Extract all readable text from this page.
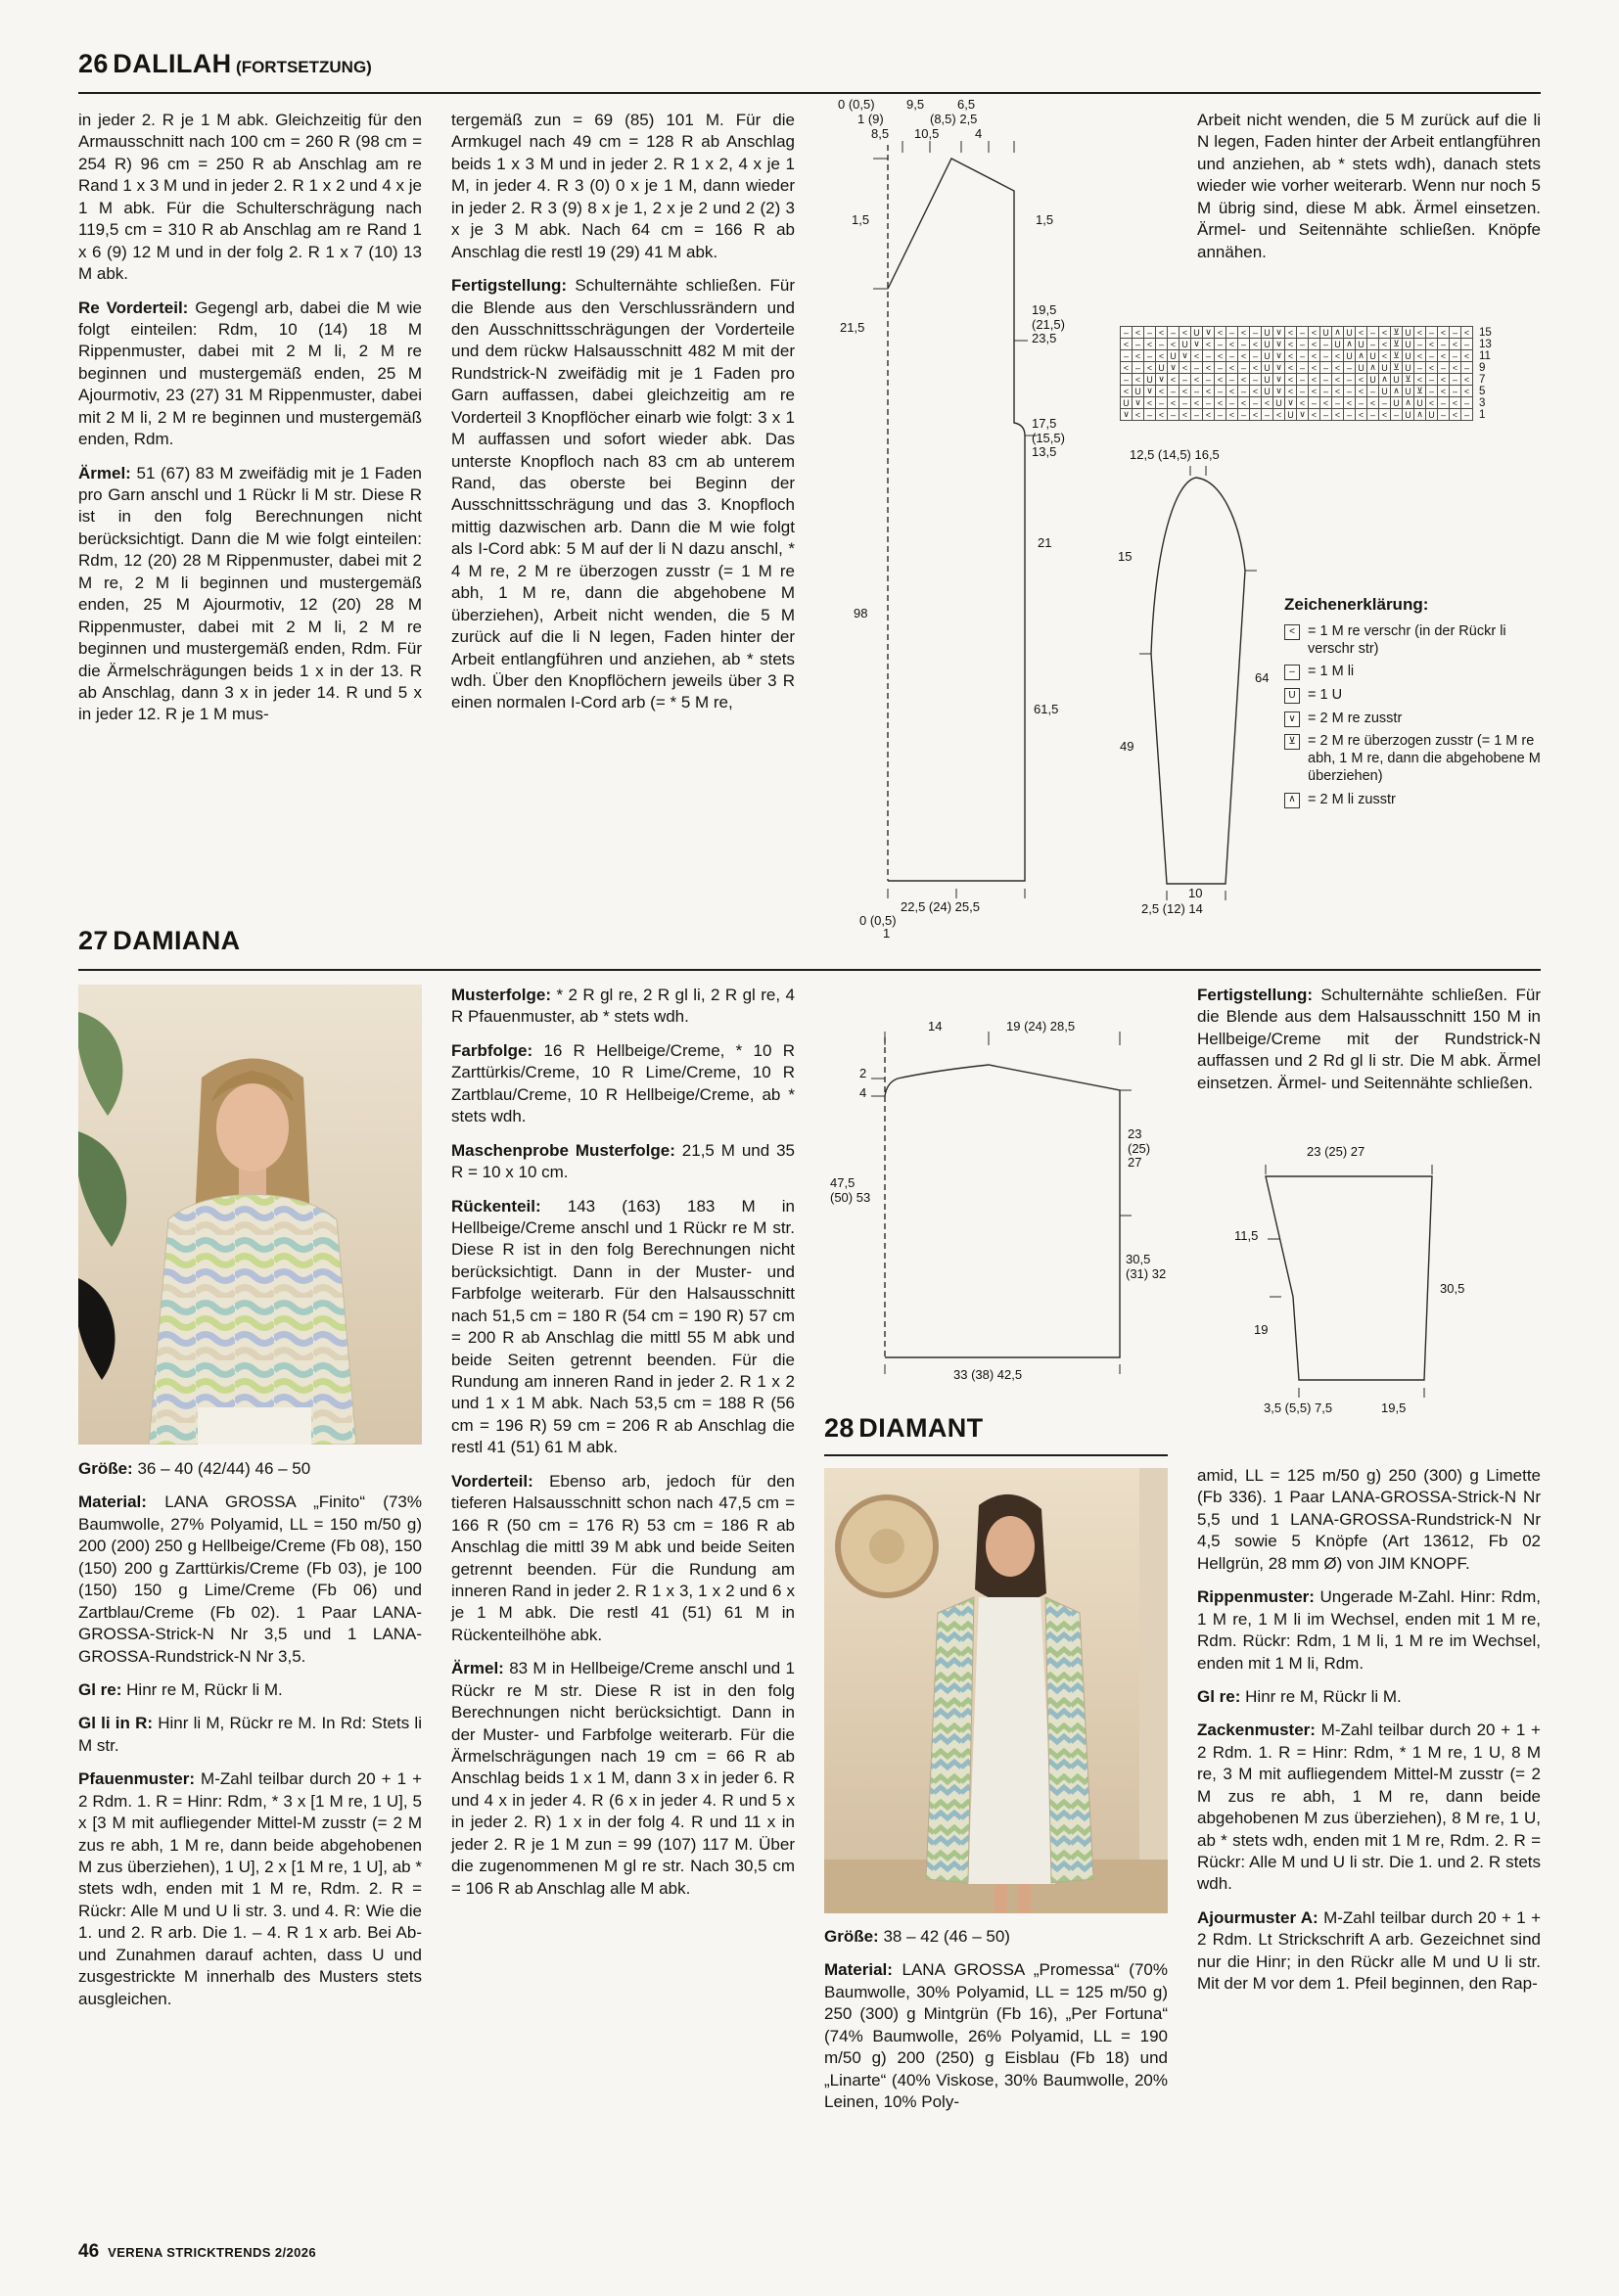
26 DALILAH (FORTSETZUNG)

in jeder 2. R je 1 M abk. Gleichzeitig für den Armausschnitt nach 100 cm = 260 R (98 cm = 254 R) 96 cm = 250 R ab Anschlag am re Rand 1 x 3 M und in jeder 2. R 1 x 2 und 4 x je 1 M abk. Für die Schulterschrägung nach 119,5 cm = 310 R ab Anschlag am re Rand 1 x 6 (9) 12 M und in der folg 2. R 1 x 7 (10) 13 M abk.

Re Vorderteil: Gegengl arb, dabei die M wie folgt einteilen: Rdm, 10 (14) 18 M Rippenmuster, dabei mit 2 M li, 2 M re beginnen und mustergemäß enden, 25 M Ajourmotiv, 23 (27) 31 M Rippenmuster, dabei mit 2 M li, 2 M re beginnen und mustergemäß enden, Rdm.

Ärmel: 51 (67) 83 M zweifädig mit je 1 Faden pro Garn anschl und 1 Rückr li M str. Diese R ist in den folg Berechnungen nicht berücksichtigt. Dann die M wie folgt einteilen: Rdm, 12 (20) 28 M Rippenmuster, dabei mit 2 M re, 2 M li beginnen und mustergemäß enden, 25 M Ajourmotiv, 12 (20) 28 M Rippenmuster, dabei mit 2 M li, 2 M re beginnen und mustergemäß enden, Rdm. Für die Ärmelschrägungen beids 1 x in der 13. R ab Anschlag, dann 3 x in jeder 14. R und 5 x in jeder 12. R je 1 M mus-

tergemäß zun = 69 (85) 101 M. Für die Armkugel nach 49 cm = 128 R ab Anschlag beids 1 x 3 M und in jeder 2. R 1 x 2, 4 x je 1 M, in jeder 4. R 3 (0) 0 x je 1 M, dann wieder in jeder 2. R 3 (9) 8 x je 1, 2 x je 2 und 2 (2) 3 x je 3 M abk. Nach 64 cm = 166 R ab Anschlag die restl 19 (29) 41 M abk.

Fertigstellung: Schulternähte schließen. Für die Blende aus den Verschlussrändern und den Ausschnittsschrägungen der Vorderteile und dem rückw Halsausschnitt 482 M mit der Rundstrick-N zweifädig mit je 1 Faden pro Garn auffassen, dabei gleichzeitig am re Vorderteil 3 Knopflöcher einarb wie folgt: 3 x 1 M auffassen und sofort wieder abk. Das unterste Knopfloch nach 83 cm ab unterem Rand, das oberste bei Beginn der Ausschnittsschrägung und das 3. Knopfloch mittig dazwischen arb. Dann die M wie folgt als I-Cord abk: 5 M auf der li N dazu anschl, * 4 M re, 2 M re überzogen zusstr (= 1 M re abh, 1 M re, dann die abgehobene M überziehen), Arbeit nicht wenden, die 5 M zurück auf die li N legen, Faden hinter der Arbeit entlangführen und anziehen, ab * stets wdh. Über den Knopflöchern jeweils über 3 R einen normalen I-Cord arb (= * 5 M re,

Arbeit nicht wenden, die 5 M zurück auf die li N legen, Faden hinter der Arbeit entlangführen und anziehen, ab * stets wdh), danach stets wieder wie vorher weiterarb. Wenn nur noch 5 M übrig sind, diese M abk. Ärmel einsetzen. Ärmel- und Seitennähte schließen. Knöpfe annähen.

0 (0,5) 9,5	6,5
1 (9)	(8,5) 2,5
8,5 10,5	4
1,5
21,5
98
1,5
19,5 (21,5) 23,5
17,5 (15,5) 13,5
21
61,5
22,5 (24) 25,5
0 (0,5)
1
– < – < – < U ∨ < – < – U ∨ < – < U ∧ U < – < ⊻ U < – < – < 15
< – < – < U ∨ < – < – < U ∨ < – < – U ∧ U – < ⊻ U – < – < – 13
– < – < U ∨ < – < – < – U ∨ < – < – < U ∧ U < ⊻ U < – < – < 11
< – < U ∨ < – < – < – < U ∨ < – < – < – U ∧ U ⊻ U – < – < – 9
– < U ∨ < – < – < – < – U ∨ < – < – < – < U ∧ U ⊻ < – < – < 7
< U ∨ < – < – < – < – < U ∨ < – < – < – < – U ∧ U ⊻ – < – < 5
U ∨ < – < – < – < – < – < U ∨ < – < – < – < – U ∧ U < – < – 3
∨ < – < – < – < – < – < – < U ∨ < – < – < – < – U ∧ U – < – 1
12,5 (14,5) 16,5
15
49
64
10
2,5 (12) 14
Zeichenerklärung:
< = 1 M re verschr (in der Rückr li verschr str)
– = 1 M li
U = 1 U
∨ = 2 M re zusstr
⊻ = 2 M re überzogen zusstr (= 1 M re abh, 1 M re, dann die abgehobene M überziehen)
∧ = 2 M li zusstr
27 DAMIANA

Größe: 36 – 40 (42/44) 46 – 50

Material: LANA GROSSA „Finito“ (73% Baumwolle, 27% Polyamid, LL = 150 m/50 g) 200 (200) 250 g Hellbeige/Creme (Fb 08), 150 (150) 200 g Zarttürkis/Creme (Fb 03), je 100 (150) 150 g Lime/Creme (Fb 06) und Zartblau/Creme (Fb 02). 1 Paar LANA-GROSSA-Strick-N Nr 3,5 und 1 LANA-GROSSA-Rundstrick-N Nr 3,5.

Gl re: Hinr re M, Rückr li M.

Gl li in R: Hinr li M, Rückr re M. In Rd: Stets li M str.

Pfauenmuster: M-Zahl teilbar durch 20 + 1 + 2 Rdm. 1. R = Hinr: Rdm, * 3 x [1 M re, 1 U], 5 x [3 M mit aufliegender Mittel-M zusstr (= 2 M zus re abh, 1 M re, dann beide abgehobenen M zus überziehen), 1 U], 2 x [1 M re, 1 U], ab * stets wdh, enden mit 1 M re, Rdm. 2. R = Rückr: Alle M und U li str. 3. und 4. R: Wie die 1. und 2. R arb. Die 1. – 4. R 1 x arb. Bei Ab- und Zunahmen darauf achten, dass U und zusgestrickte M innerhalb des Musters stets ausgleichen.

Musterfolge: * 2 R gl re, 2 R gl li, 2 R gl re, 4 R Pfauenmuster, ab * stets wdh.

Farbfolge: 16 R Hellbeige/Creme, * 10 R Zarttürkis/Creme, 10 R Lime/Creme, 10 R Zartblau/Creme, 10 R Hellbeige/Creme, ab * stets wdh.

Maschenprobe Musterfolge: 21,5 M und 35 R = 10 x 10 cm.

Rückenteil: 143 (163) 183 M in Hellbeige/Creme anschl und 1 Rückr re M str. Diese R ist in den folg Berechnungen nicht berücksichtigt. Dann in der Muster- und Farbfolge weiterarb. Für den Halsausschnitt nach 51,5 cm = 180 R (54 cm = 190 R) 57 cm = 200 R ab Anschlag die mittl 55 M abk und beide Seiten getrennt beenden. Für die Rundung am inneren Rand in jeder 2. R 1 x 2 und 1 x 1 M abk. Nach 53,5 cm = 188 R (56 cm = 196 R) 59 cm = 206 R ab Anschlag die restl 41 (51) 61 M abk.

Vorderteil: Ebenso arb, jedoch für den tieferen Halsausschnitt schon nach 47,5 cm = 166 R (50 cm = 176 R) 53 cm = 186 R ab Anschlag die mittl 39 M abk und beide Seiten getrennt beenden. Für die Rundung am inneren Rand in jeder 2. R 1 x 3, 1 x 2 und 6 x je 1 M abk. Die restl 41 (51) 61 M in Rückenteilhöhe abk.

Ärmel: 83 M in Hellbeige/Creme anschl und 1 Rückr re M str. Diese R ist in den folg Berechnungen nicht berücksichtigt. Dann in der Muster- und Farbfolge weiterarb. Für die Ärmelschrägungen nach 19 cm = 66 R ab Anschlag beids 1 x 1 M, dann 3 x in jeder 6. R und 4 x in jeder 4. R (6 x in jeder 4. R und 5 x in jeder 2. R) 1 x in der folg 4. R und 11 x in jeder 2. R je 1 M zun = 99 (107) 117 M. Über die zugenommenen M gl re str. Nach 30,5 cm = 106 R ab Anschlag alle M abk.

14	19 (24) 28,5
2
4
47,5 (50) 53
23 (25) 27
30,5 (31) 32
33 (38) 42,5
28 DIAMANT

Größe: 38 – 42 (46 – 50)

Material: LANA GROSSA „Promessa“ (70% Baumwolle, 30% Polyamid, LL = 125 m/50 g) 250 (300) g Mintgrün (Fb 16), „Per Fortuna“ (74% Baumwolle, 26% Polyamid, LL = 190 m/50 g) 200 (250) g Eisblau (Fb 18) und „Linarte“ (40% Viskose, 30% Baumwolle, 20% Leinen, 10% Poly-

Fertigstellung: Schulternähte schließen. Für die Blende aus dem Halsausschnitt 150 M in Hellbeige/Creme mit der Rundstrick-N auffassen und 2 Rd gl li str. Die M abk. Ärmel einsetzen. Ärmel- und Seitennähte schließen.

23 (25) 27
11,5
19
30,5
3,5 (5,5) 7,5	19,5

amid, LL = 125 m/50 g) 250 (300) g Limette (Fb 336). 1 Paar LANA-GROSSA-Strick-N Nr 5,5 und 1 LANA-GROSSA-Rundstrick-N Nr 4,5 sowie 5 Knöpfe (Art 13612, Fb 02 Hellgrün, 28 mm Ø) von JIM KNOPF.

Rippenmuster: Ungerade M-Zahl. Hinr: Rdm, 1 M re, 1 M li im Wechsel, enden mit 1 M re, Rdm. Rückr: Rdm, 1 M li, 1 M re im Wechsel, enden mit 1 M li, Rdm.

Gl re: Hinr re M, Rückr li M.

Zackenmuster: M-Zahl teilbar durch 20 + 1 + 2 Rdm. 1. R = Hinr: Rdm, * 1 M re, 1 U, 8 M re, 3 M mit aufliegendem Mittel-M zusstr (= 2 M zus re abh, 1 M re, dann beide abgehobenen M zus überziehen), 8 M re, 1 U, ab * stets wdh, enden mit 1 M re, Rdm. 2. R = Rückr: Alle M und U li str. Die 1. und 2. R stets wdh.

Ajourmuster A: M-Zahl teilbar durch 20 + 1 + 2 Rdm. Lt Strickschrift A arb. Gezeichnet sind nur die Hinr; in den Rückr alle M und U li str. Mit der M vor dem 1. Pfeil beginnen, den Rap-

46 VERENA STRICKTRENDS 2/2026
